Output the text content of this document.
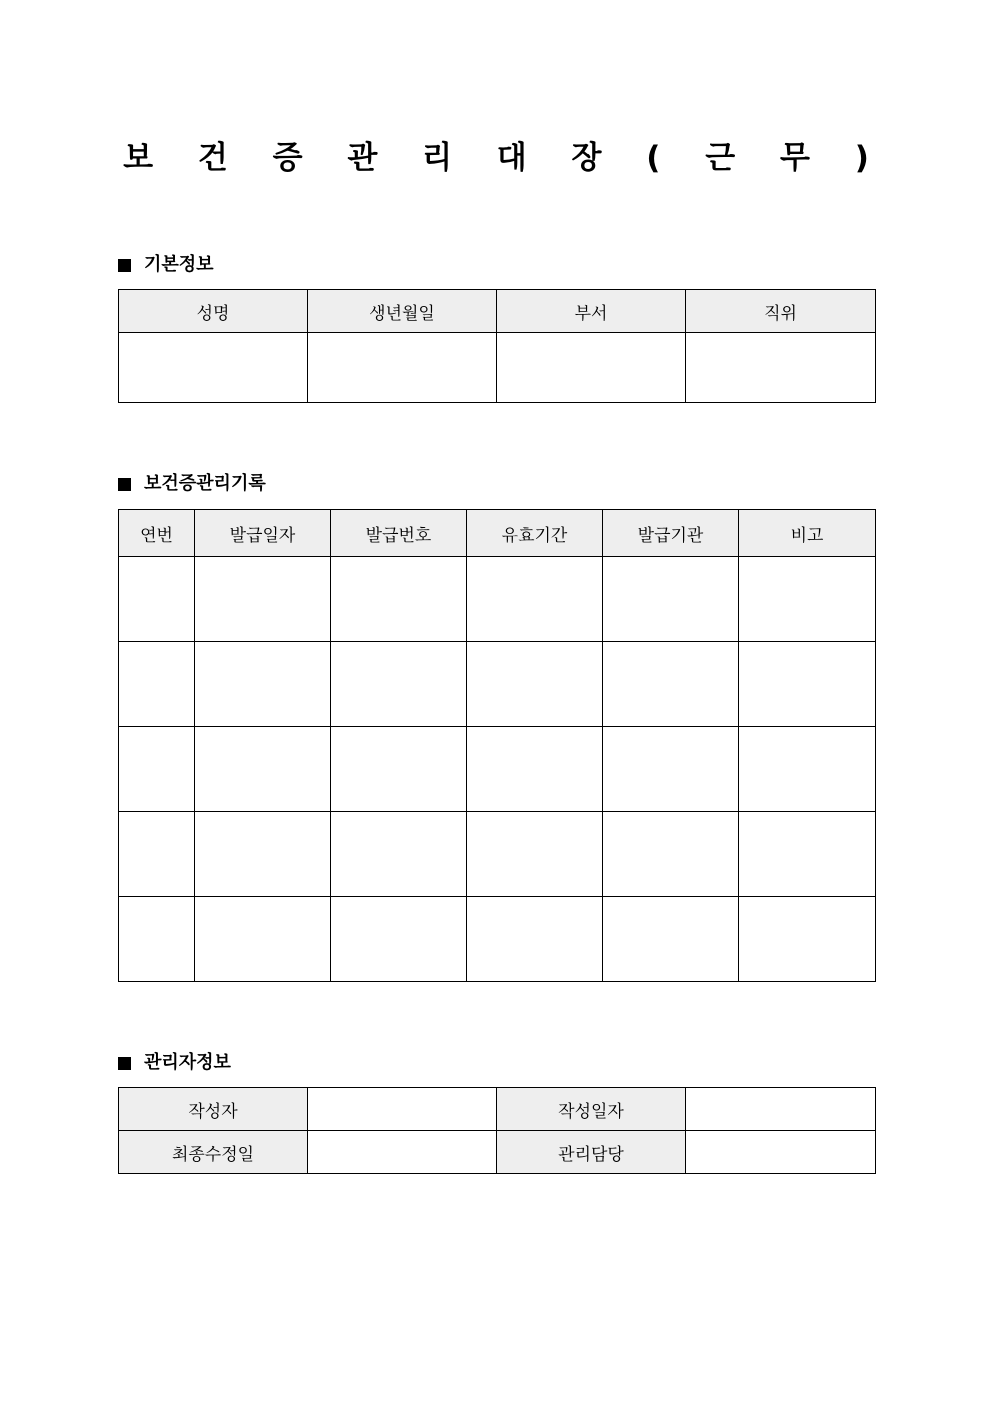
보 건 증 관 리 대 장 ( 근 무 )
기본정보
성명	생년월일	부서	직위

보건증관리기록
연번	발급일자	발급번호	유효기간	발급기관	비고

관리자정보
작성자		작성일자	
최종수정일		관리담당	
